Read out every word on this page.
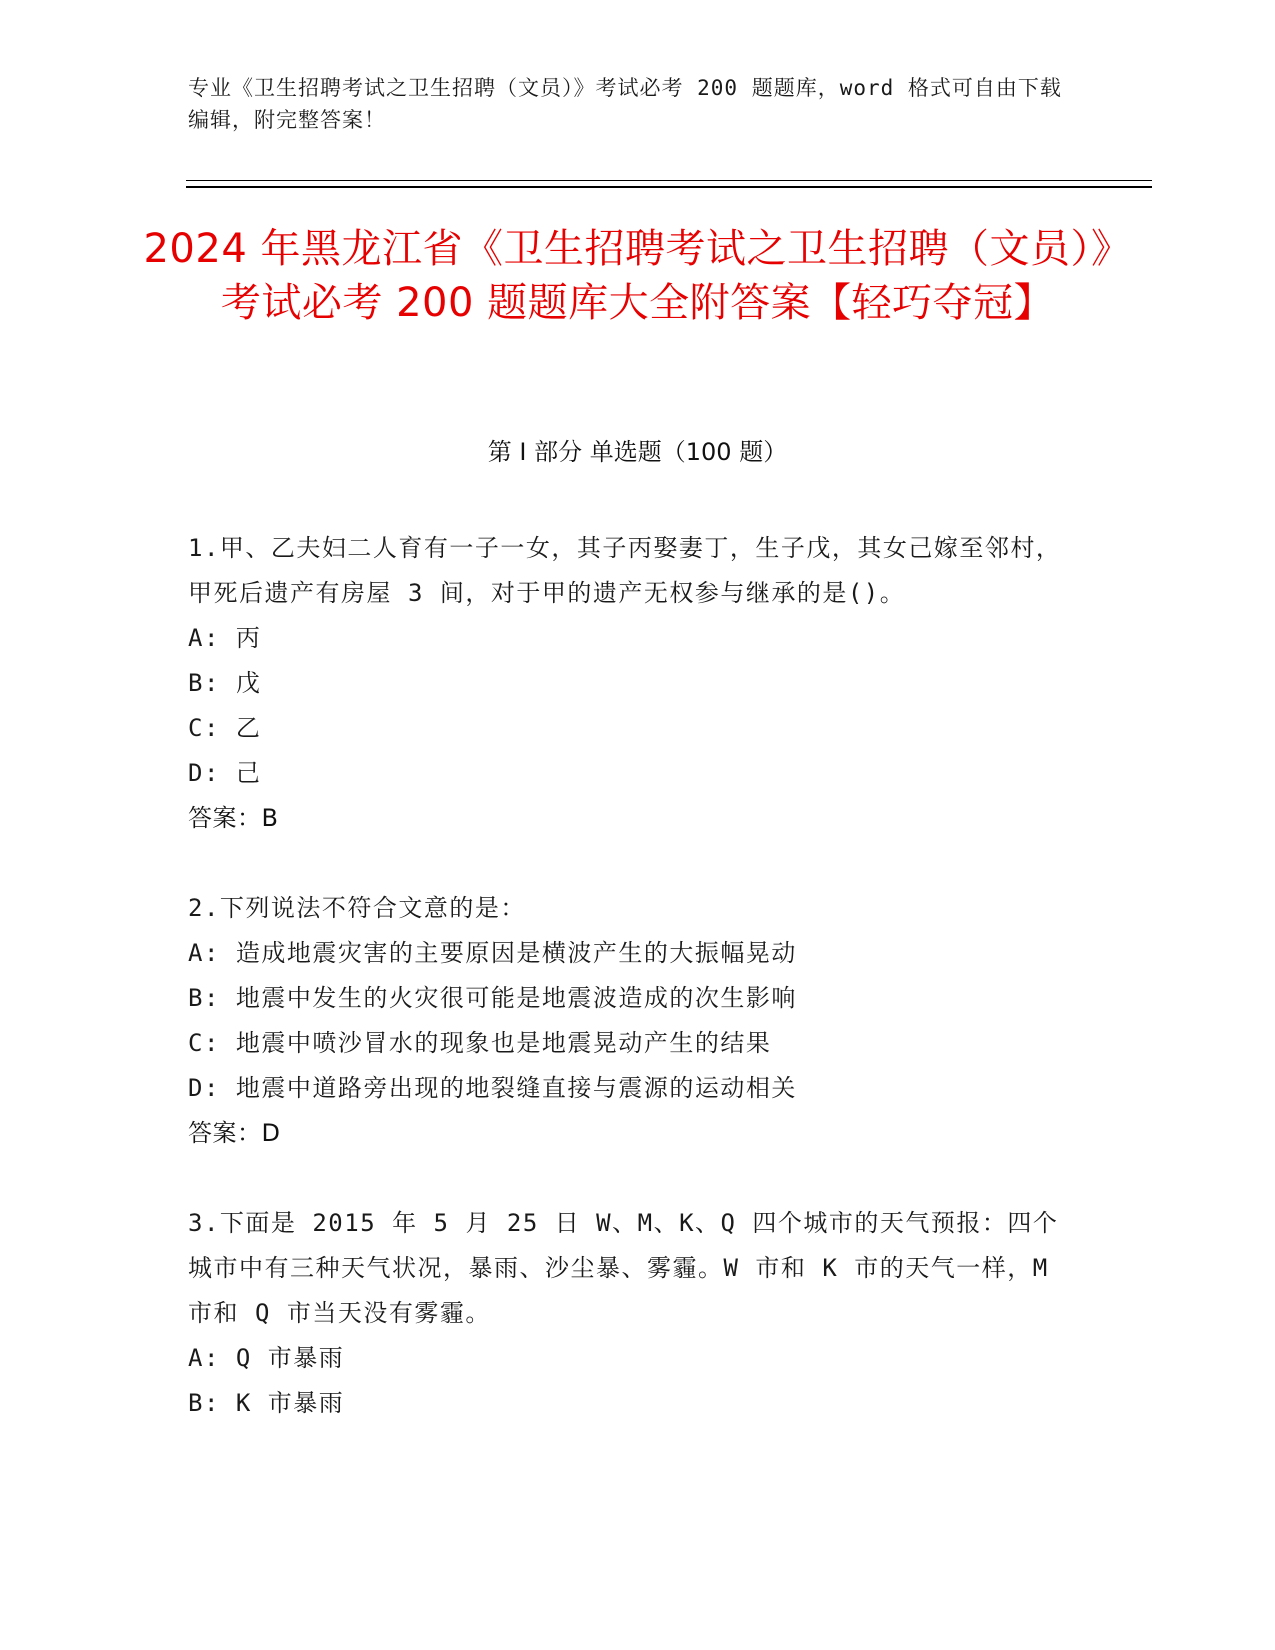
专业《卫生招聘考试之卫生招聘（文员）》考试必考 200 题题库，word 格式可自由下载编辑，附完整答案！
2024 年黑龙江省《卫生招聘考试之卫生招聘（文员）》考试必考 200 题题库大全附答案【轻巧夺冠】
第 I 部分 单选题（100 题）

1.甲、乙夫妇二人育有一子一女，其子丙娶妻丁，生子戊，其女己嫁至邻村，甲死后遗产有房屋 3 间，对于甲的遗产无权参与继承的是()。

A: 丙

B: 戊

C: 乙

D: 己

答案：B

2.下列说法不符合文意的是：

A: 造成地震灾害的主要原因是横波产生的大振幅晃动

B: 地震中发生的火灾很可能是地震波造成的次生影响

C: 地震中喷沙冒水的现象也是地震晃动产生的结果

D: 地震中道路旁出现的地裂缝直接与震源的运动相关

答案：D

3.下面是 2015 年 5 月 25 日 W、M、K、Q 四个城市的天气预报：四个城市中有三种天气状况，暴雨、沙尘暴、雾霾。W 市和 K 市的天气一样，M 市和 Q 市当天没有雾霾。

A: Q 市暴雨

B: K 市暴雨
